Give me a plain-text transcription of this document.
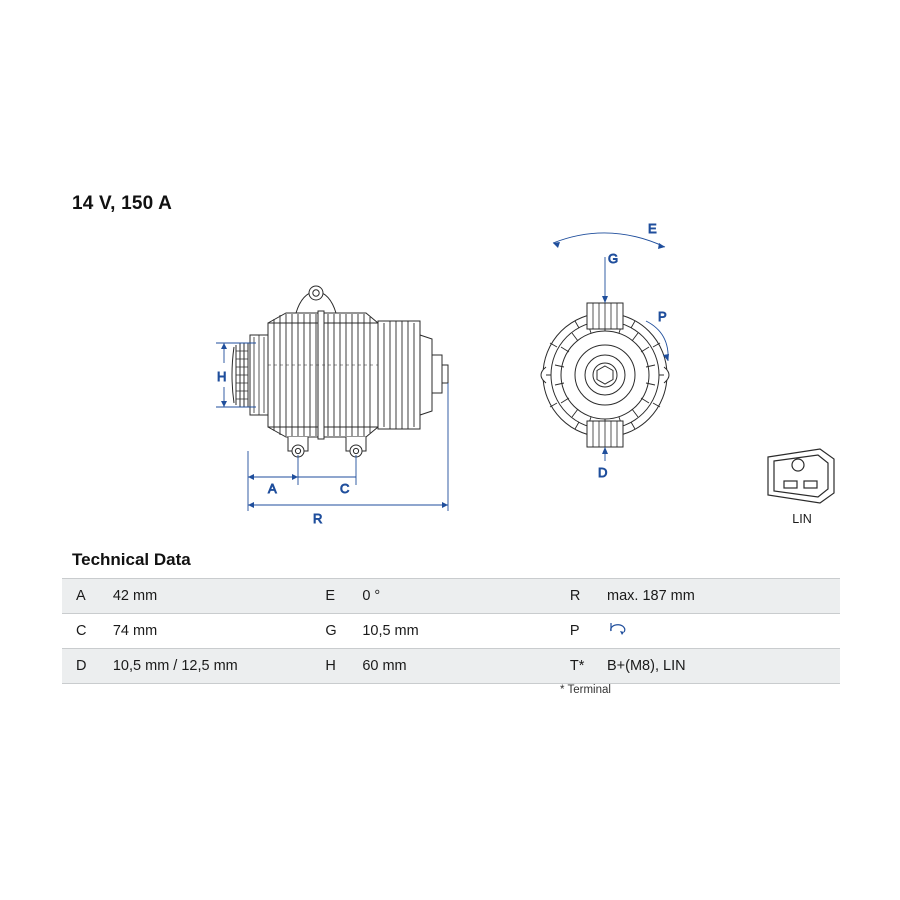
14 V, 150 A
H
A	C
R
E
G
P
D
LIN
Technical Data
A	42 mm	E	0 °	R	max. 187 mm
C	74 mm	G	10,5 mm	P	
D	10,5 mm / 12,5 mm	H	60 mm	T*	B+(M8), LIN
* Terminal
